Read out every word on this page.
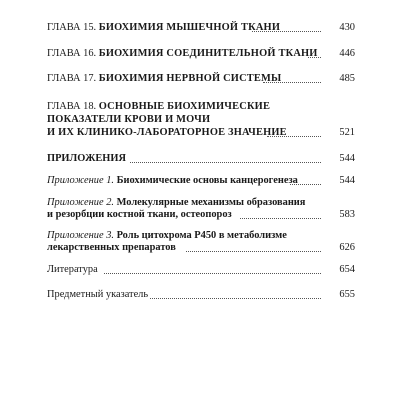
ГЛАВА 15. БИОХИМИЯ МЫШЕЧНОЙ ТКАНИ	430
ГЛАВА 16. БИОХИМИЯ СОЕДИНИТЕЛЬНОЙ ТКАНИ	446
ГЛАВА 17. БИОХИМИЯ НЕРВНОЙ СИСТЕМЫ	485
ГЛАВА 18. ОСНОВНЫЕ БИОХИМИЧЕСКИЕ
ПОКАЗАТЕЛИ КРОВИ И МОЧИ
И ИХ КЛИНИКО-ЛАБОРАТОРНОЕ ЗНАЧЕНИЕ	521
ПРИЛОЖЕНИЯ	544
Приложение 1. Биохимические основы канцерогенеза	544
Приложение 2. Молекулярные механизмы образования
и резорбции костной ткани, остеопороз	583
Приложение 3. Роль цитохрома Р450 в метаболизме
лекарственных препаратов	626
Литература	654
Предметный указатель	655
